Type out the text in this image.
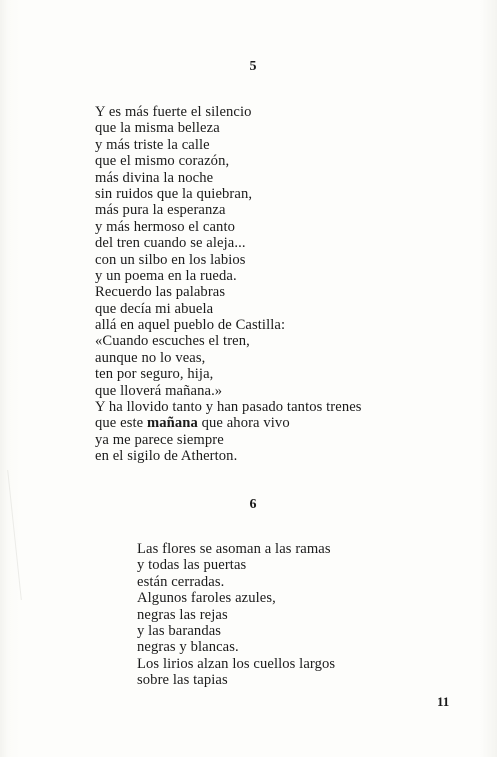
5
Y es más fuerte el silencio
que la misma belleza
y más triste la calle
que el mismo corazón,
más divina la noche
sin ruidos que la quiebran,
más pura la esperanza
y más hermoso el canto
del tren cuando se aleja...
con un silbo en los labios
y un poema en la rueda.
Recuerdo las palabras
que decía mi abuela
allá en aquel pueblo de Castilla:
«Cuando escuches el tren,
aunque no lo veas,
ten por seguro, hija,
que lloverá mañana.»
Y ha llovido tanto y han pasado tantos trenes
que este mañana que ahora vivo
ya me parece siempre
en el sigilo de Atherton.
6
Las flores se asoman a las ramas
y todas las puertas
están cerradas.
Algunos faroles azules,
negras las rejas
y las barandas
negras y blancas.
Los lirios alzan los cuellos largos
sobre las tapias
11
